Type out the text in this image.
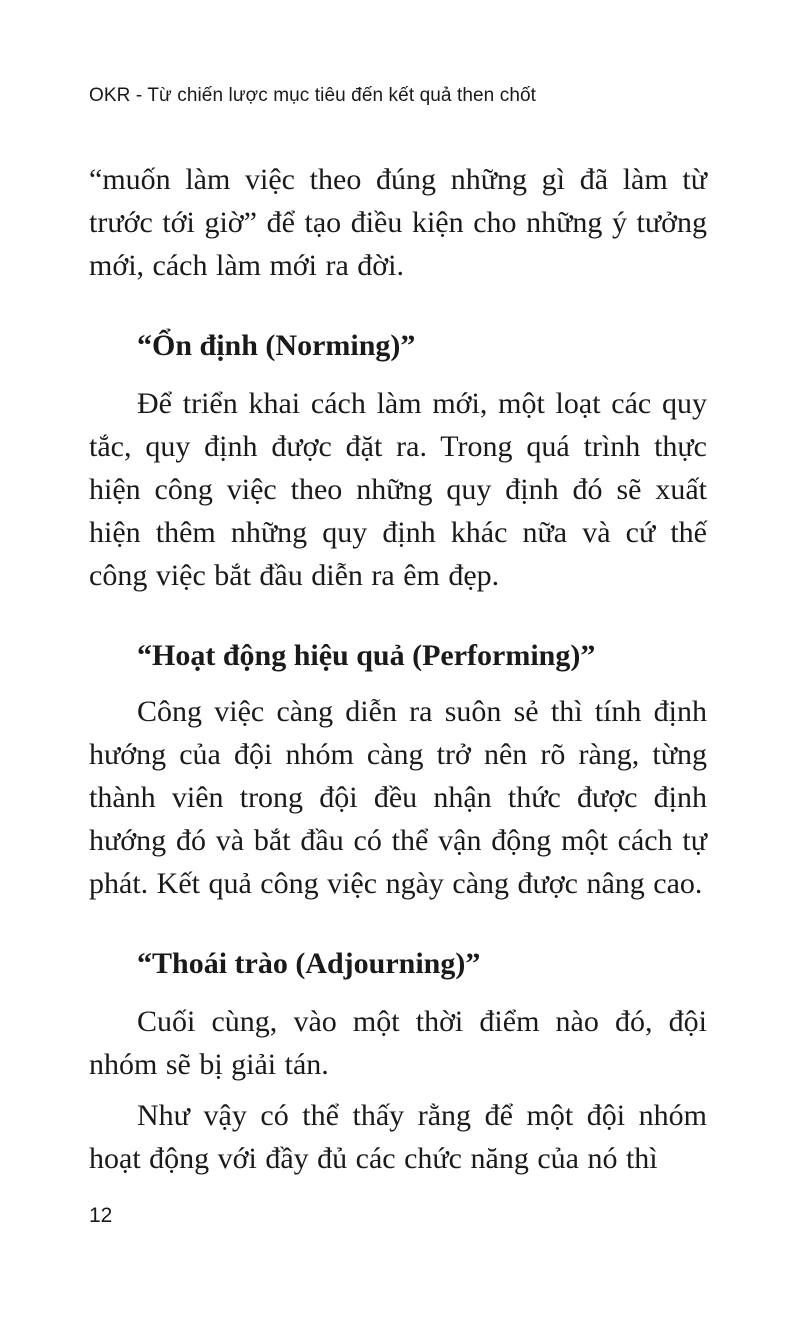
OKR - Từ chiến lược mục tiêu đến kết quả then chốt

“muốn làm việc theo đúng những gì đã làm từ trước tới giờ” để tạo điều kiện cho những ý tưởng mới, cách làm mới ra đời.

“Ổn định (Norming)”

Để triển khai cách làm mới, một loạt các quy tắc, quy định được đặt ra. Trong quá trình thực hiện công việc theo những quy định đó sẽ xuất hiện thêm những quy định khác nữa và cứ thế công việc bắt đầu diễn ra êm đẹp.

“Hoạt động hiệu quả (Performing)”

Công việc càng diễn ra suôn sẻ thì tính định hướng của đội nhóm càng trở nên rõ ràng, từng thành viên trong đội đều nhận thức được định hướng đó và bắt đầu có thể vận động một cách tự phát. Kết quả công việc ngày càng được nâng cao.

“Thoái trào (Adjourning)”

Cuối cùng, vào một thời điểm nào đó, đội nhóm sẽ bị giải tán.

Như vậy có thể thấy rằng để một đội nhóm hoạt động với đầy đủ các chức năng của nó thì

12
